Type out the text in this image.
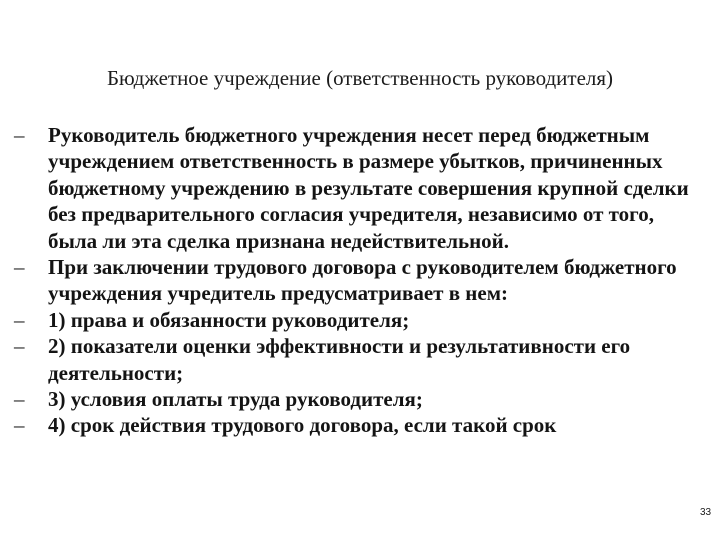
Бюджетное учреждение (ответственность руководителя)
–	Руководитель бюджетного учреждения несет перед бюджетным учреждением ответственность в размере убытков, причиненных бюджетному учреждению в результате совершения крупной сделки без предварительного согласия учредителя, независимо от того, была ли эта сделка признана недействительной.
–	При заключении трудового договора с руководителем бюджетного учреждения учредитель предусматривает в нем:
–	1) права и обязанности руководителя;
–	2) показатели оценки эффективности и результативности его деятельности;
–	3) условия оплаты труда руководителя;
–	4) срок действия трудового договора, если такой срок
33
